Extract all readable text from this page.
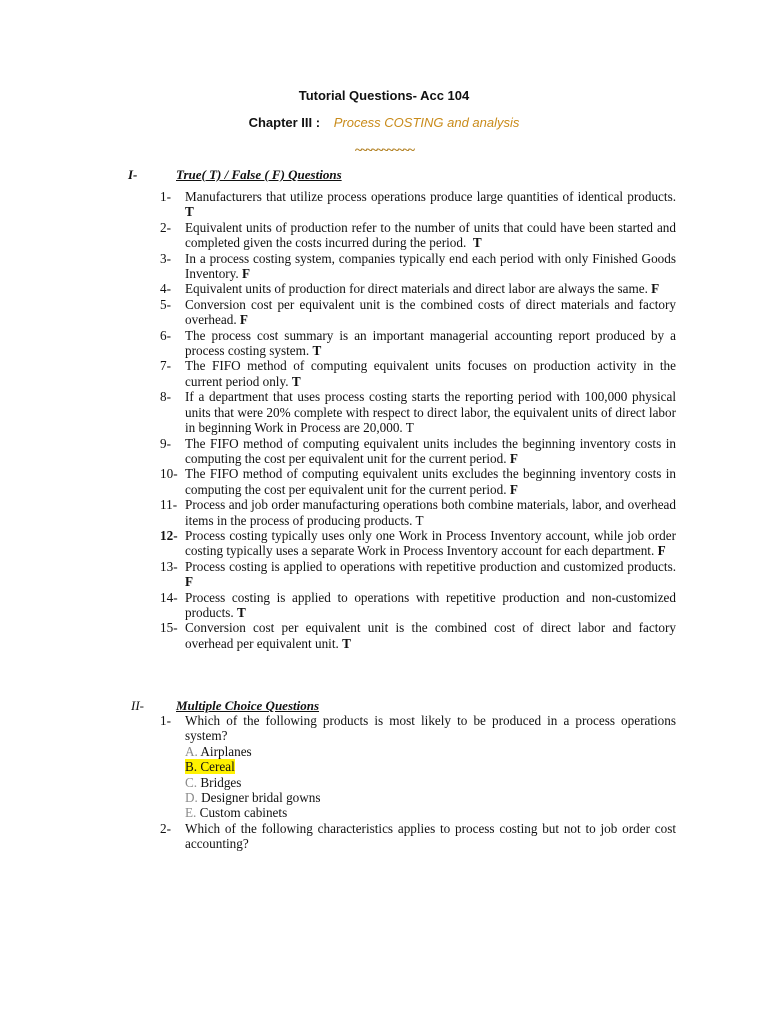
Tutorial Questions- Acc 104
Chapter III : Process COSTING and analysis
~~~~~~~~~~~
I-	True( T) / False ( F) Questions
1-	Manufacturers that utilize process operations produce large quantities of identical products. T
2-	Equivalent units of production refer to the number of units that could have been started and completed given the costs incurred during the period. T
3-	In a process costing system, companies typically end each period with only Finished Goods Inventory. F
4-	Equivalent units of production for direct materials and direct labor are always the same. F
5-	Conversion cost per equivalent unit is the combined costs of direct materials and factory overhead. F
6-	The process cost summary is an important managerial accounting report produced by a process costing system. T
7-	The FIFO method of computing equivalent units focuses on production activity in the current period only. T
8-	If a department that uses process costing starts the reporting period with 100,000 physical units that were 20% complete with respect to direct labor, the equivalent units of direct labor in beginning Work in Process are 20,000. T
9-	The FIFO method of computing equivalent units includes the beginning inventory costs in computing the cost per equivalent unit for the current period. F
10- The FIFO method of computing equivalent units excludes the beginning inventory costs in computing the cost per equivalent unit for the current period. F
11- Process and job order manufacturing operations both combine materials, labor, and overhead items in the process of producing products. T
12- Process costing typically uses only one Work in Process Inventory account, while job order costing typically uses a separate Work in Process Inventory account for each department. F
13- Process costing is applied to operations with repetitive production and customized products. F
14- Process costing is applied to operations with repetitive production and non-customized products. T
15- Conversion cost per equivalent unit is the combined cost of direct labor and factory overhead per equivalent unit. T
II- Multiple Choice Questions
1-	Which of the following products is most likely to be produced in a process operations system?
A. Airplanes
B. Cereal
C. Bridges
D. Designer bridal gowns
E. Custom cabinets
2-	Which of the following characteristics applies to process costing but not to job order cost accounting?
